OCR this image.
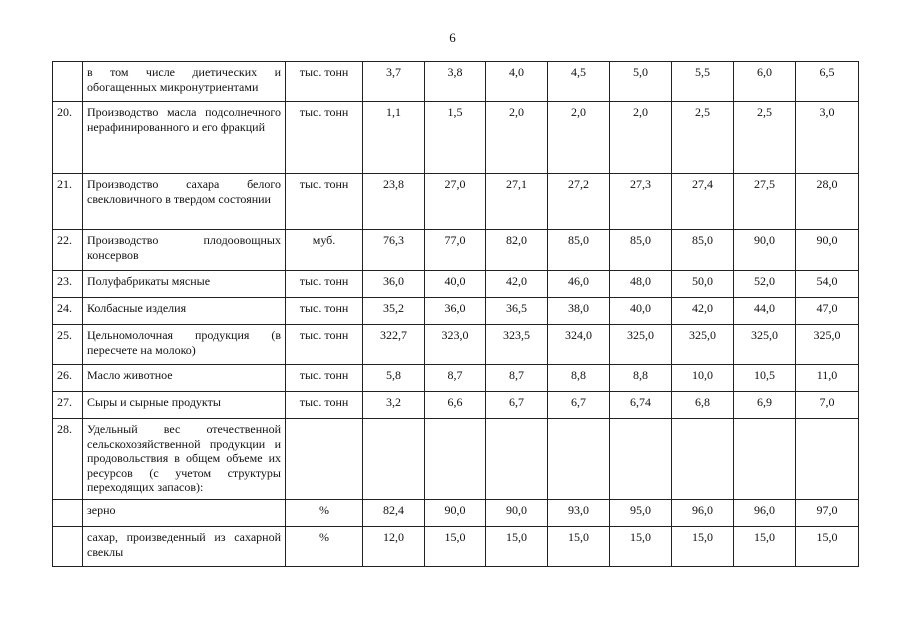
6
	в том числе диетических и обогащенных микронутриентами	тыс. тонн	3,7	3,8	4,0	4,5	5,0	5,5	6,0	6,5
20.	Производство масла подсолнечного нерафинированного и его фракций	тыс. тонн	1,1	1,5	2,0	2,0	2,0	2,5	2,5	3,0
21.	Производство сахара белого свекловичного в твердом состоянии	тыс. тонн	23,8	27,0	27,1	27,2	27,3	27,4	27,5	28,0
22.	Производство плодоовощных консервов	муб.	76,3	77,0	82,0	85,0	85,0	85,0	90,0	90,0
23.	Полуфабрикаты мясные	тыс. тонн	36,0	40,0	42,0	46,0	48,0	50,0	52,0	54,0
24.	Колбасные изделия	тыс. тонн	35,2	36,0	36,5	38,0	40,0	42,0	44,0	47,0
25.	Цельномолочная продукция (в пересчете на молоко)	тыс. тонн	322,7	323,0	323,5	324,0	325,0	325,0	325,0	325,0
26.	Масло животное	тыс. тонн	5,8	8,7	8,7	8,8	8,8	10,0	10,5	11,0
27.	Сыры и сырные продукты	тыс. тонн	3,2	6,6	6,7	6,7	6,74	6,8	6,9	7,0
28.	Удельный вес отечественной сельскохозяйственной продукции и продовольствия в общем объеме их ресурсов (с учетом структуры переходящих запасов):									
	зерно	%	82,4	90,0	90,0	93,0	95,0	96,0	96,0	97,0
	сахар, произведенный из сахарной свеклы	%	12,0	15,0	15,0	15,0	15,0	15,0	15,0	15,0
